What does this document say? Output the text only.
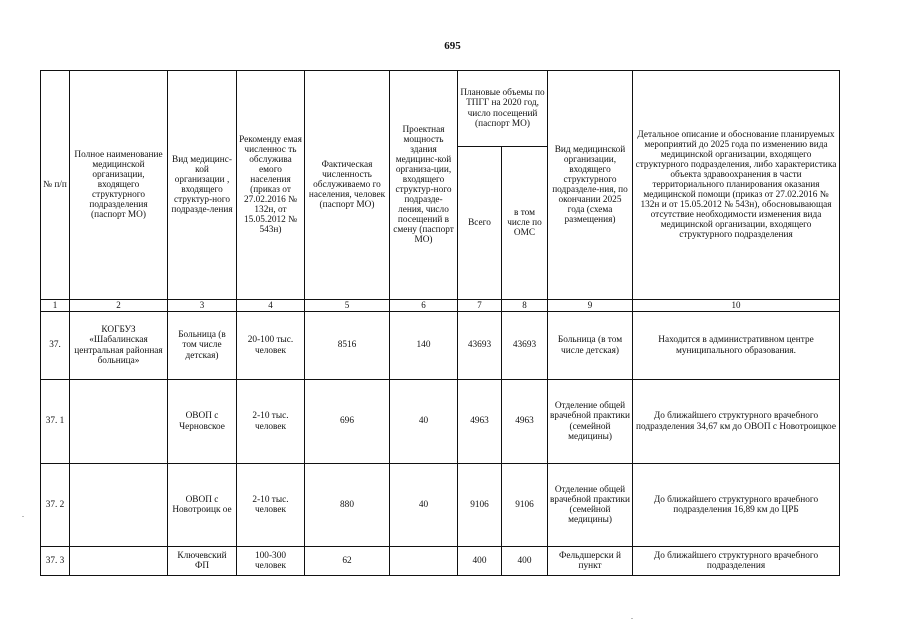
695
№ п/п	Полное наименование медицинской организации, входящего структурного подразделения (паспорт МО)	Вид медицинс-кой организации , входящего структур-ного подразде-ления	Рекоменду емая численнос ть обслужива емого населения (приказ от 27.02.2016 № 132н, от 15.05.2012 № 543н)	Фактическая численность обслуживаемо го населения, человек (паспорт МО)	Проектная мощность здания медицинс-кой организа-ции, входящего структур-ного подразде-ления, число посещений в смену (паспорт МО)	Плановые объемы по ТПГГ на 2020 год, число посещений (паспорт МО)		Вид медицинской организации, входящего структурного подразделе-ния, по окончании 2025 года (схема размещения)	Детальное описание и обоснование планируемых мероприятий до 2025 года по изменению вида медицинской организации, входящего структурного подразделения, либо характеристика объекта здравоохранения в части территориального планирования оказания медицинской помощи (приказ от 27.02.2016 № 132н и от 15.05.2012 № 543н), обосновывающая отсутствие необходимости изменения вида медицинской организации, входящего структурного подразделения
						Всего	в том числе по ОМС		
1	2	3	4	5	6	7	8	9	10
37.	КОГБУЗ «Шабалинская центральная районная больница»	Больница (в том числе детская)	20-100 тыс. человек	8516	140	43693	43693	Больница (в том числе детская)	Находится в административном центре муниципального образования.
37. 1		ОВОП с Черновское	2-10 тыс. человек	696	40	4963	4963	Отделение общей врачебной практики (семейной медицины)	До ближайшего структурного врачебного подразделения 34,67 км до ОВОП с Новотроицкое
37. 2		ОВОП с Новотроицк ое	2-10 тыс. человек	880	40	9106	9106	Отделение общей врачебной практики (семейной медицины)	До ближайшего структурного врачебного подразделения 16,89 км до ЦРБ
37. 3		Ключевский ФП	100-300 человек	62		400	400	Фельдшерски й пункт	До ближайшего структурного врачебного подразделения
